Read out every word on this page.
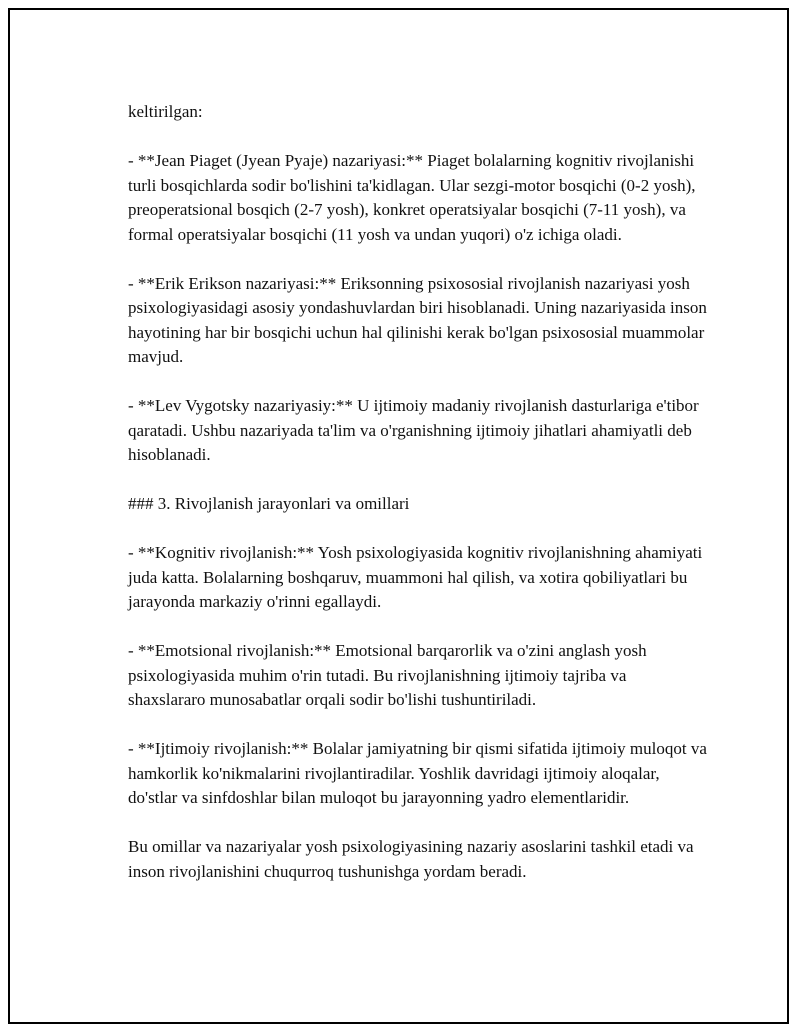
keltirilgan:

- **Jean Piaget (Jyean Pyaje) nazariyasi:** Piaget bolalarning kognitiv rivojlanishi turli bosqichlarda sodir bo'lishini ta'kidlagan. Ular sezgi-motor bosqichi (0-2 yosh), preoperatsional bosqich (2-7 yosh), konkret operatsiyalar bosqichi (7-11 yosh), va formal operatsiyalar bosqichi (11 yosh va undan yuqori) o'z ichiga oladi.

- **Erik Erikson nazariyasi:** Eriksonning psixososial rivojlanish nazariyasi yosh psixologiyasidagi asosiy yondashuvlardan biri hisoblanadi. Uning nazariyasida inson hayotining har bir bosqichi uchun hal qilinishi kerak bo'lgan psixososial muammolar mavjud.

- **Lev Vygotsky nazariyasiy:** U ijtimoiy madaniy rivojlanish dasturlariga e'tibor qaratadi. Ushbu nazariyada ta'lim va o'rganishning ijtimoiy jihatlari ahamiyatli deb hisoblanadi.

### 3. Rivojlanish jarayonlari va omillari

- **Kognitiv rivojlanish:** Yosh psixologiyasida kognitiv rivojlanishning ahamiyati juda katta. Bolalarning boshqaruv, muammoni hal qilish, va xotira qobiliyatlari bu jarayonda markaziy o'rinni egallaydi.

- **Emotsional rivojlanish:** Emotsional barqarorlik va o'zini anglash yosh psixologiyasida muhim o'rin tutadi. Bu rivojlanishning ijtimoiy tajriba va shaxslararo munosabatlar orqali sodir bo'lishi tushuntiriladi.

- **Ijtimoiy rivojlanish:** Bolalar jamiyatning bir qismi sifatida ijtimoiy muloqot va hamkorlik ko'nikmalarini rivojlantiradilar. Yoshlik davridagi ijtimoiy aloqalar, do'stlar va sinfdoshlar bilan muloqot bu jarayonning yadro elementlaridir.

Bu omillar va nazariyalar yosh psixologiyasining nazariy asoslarini tashkil etadi va inson rivojlanishini chuqurroq tushunishga yordam beradi.
